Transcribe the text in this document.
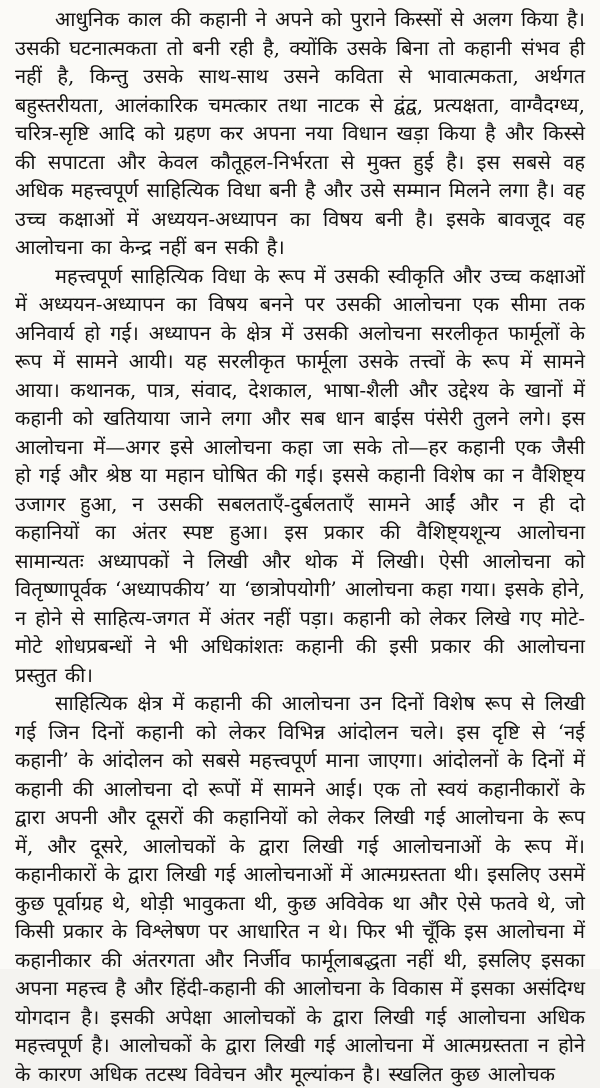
आधुनिक काल की कहानी ने अपने को पुराने किस्सों से अलग किया है। उसकी घटनात्मकता तो बनी रही है, क्योंकि उसके बिना तो कहानी संभव ही नहीं है, किन्तु उसके साथ-साथ उसने कविता से भावात्मकता, अर्थगत बहुस्तरीयता, आलंकारिक चमत्कार तथा नाटक से द्वंद्व, प्रत्यक्षता, वाग्वैदग्ध्य, चरित्र-सृष्टि आदि को ग्रहण कर अपना नया विधान खड़ा किया है और किस्से की सपाटता और केवल कौतूहल-निर्भरता से मुक्त हुई है। इस सबसे वह अधिक महत्त्वपूर्ण साहित्यिक विधा बनी है और उसे सम्मान मिलने लगा है। वह उच्च कक्षाओं में अध्ययन-अध्यापन का विषय बनी है। इसके बावजूद वह आलोचना का केन्द्र नहीं बन सकी है।

महत्त्वपूर्ण साहित्यिक विधा के रूप में उसकी स्वीकृति और उच्च कक्षाओं में अध्ययन-अध्यापन का विषय बनने पर उसकी आलोचना एक सीमा तक अनिवार्य हो गई। अध्यापन के क्षेत्र में उसकी अलोचना सरलीकृत फार्मूलों के रूप में सामने आयी। यह सरलीकृत फार्मूला उसके तत्त्वों के रूप में सामने आया। कथानक, पात्र, संवाद, देशकाल, भाषा-शैली और उद्देश्य के खानों में कहानी को खतियाया जाने लगा और सब धान बाईस पंसेरी तुलने लगे। इस आलोचना में—अगर इसे आलोचना कहा जा सके तो—हर कहानी एक जैसी हो गई और श्रेष्ठ या महान घोषित की गई। इससे कहानी विशेष का न वैशिष्ट्य उजागर हुआ, न उसकी सबलताएँ-दुर्बलताएँ सामने आईं और न ही दो कहानियों का अंतर स्पष्ट हुआ। इस प्रकार की वैशिष्ट्यशून्य आलोचना सामान्यतः अध्यापकों ने लिखी और थोक में लिखी। ऐसी आलोचना को वितृष्णापूर्वक ‘अध्यापकीय’ या ‘छात्रोपयोगी’ आलोचना कहा गया। इसके होने, न होने से साहित्य-जगत में अंतर नहीं पड़ा। कहानी को लेकर लिखे गए मोटे-मोटे शोधप्रबन्धों ने भी अधिकांशतः कहानी की इसी प्रकार की आलोचना प्रस्तुत की।

साहित्यिक क्षेत्र में कहानी की आलोचना उन दिनों विशेष रूप से लिखी गई जिन दिनों कहानी को लेकर विभिन्न आंदोलन चले। इस दृष्टि से ‘नई कहानी’ के आंदोलन को सबसे महत्त्वपूर्ण माना जाएगा। आंदोलनों के दिनों में कहानी की आलोचना दो रूपों में सामने आई। एक तो स्वयं कहानीकारों के द्वारा अपनी और दूसरों की कहानियों को लेकर लिखी गई आलोचना के रूप में, और दूसरे, आलोचकों के द्वारा लिखी गई आलोचनाओं के रूप में। कहानीकारों के द्वारा लिखी गई आलोचनाओं में आत्मग्रस्तता थी। इसलिए उसमें कुछ पूर्वाग्रह थे, थोड़ी भावुकता थी, कुछ अविवेक था और ऐसे फतवे थे, जो किसी प्रकार के विश्लेषण पर आधारित न थे। फिर भी चूँकि इस आलोचना में कहानीकार की अंतरगता और निर्जीव फार्मूलाबद्धता नहीं थी, इसलिए इसका अपना महत्त्व है और हिंदी-कहानी की आलोचना के विकास में इसका असंदिग्ध योगदान है। इसकी अपेक्षा आलोचकों के द्वारा लिखी गई आलोचना अधिक महत्त्वपूर्ण है। आलोचकों के द्वारा लिखी गई आलोचना में आत्मग्रस्तता न होने के कारण अधिक तटस्थ विवेचन और मूल्यांकन है। स्खलित कुछ आलोचक
